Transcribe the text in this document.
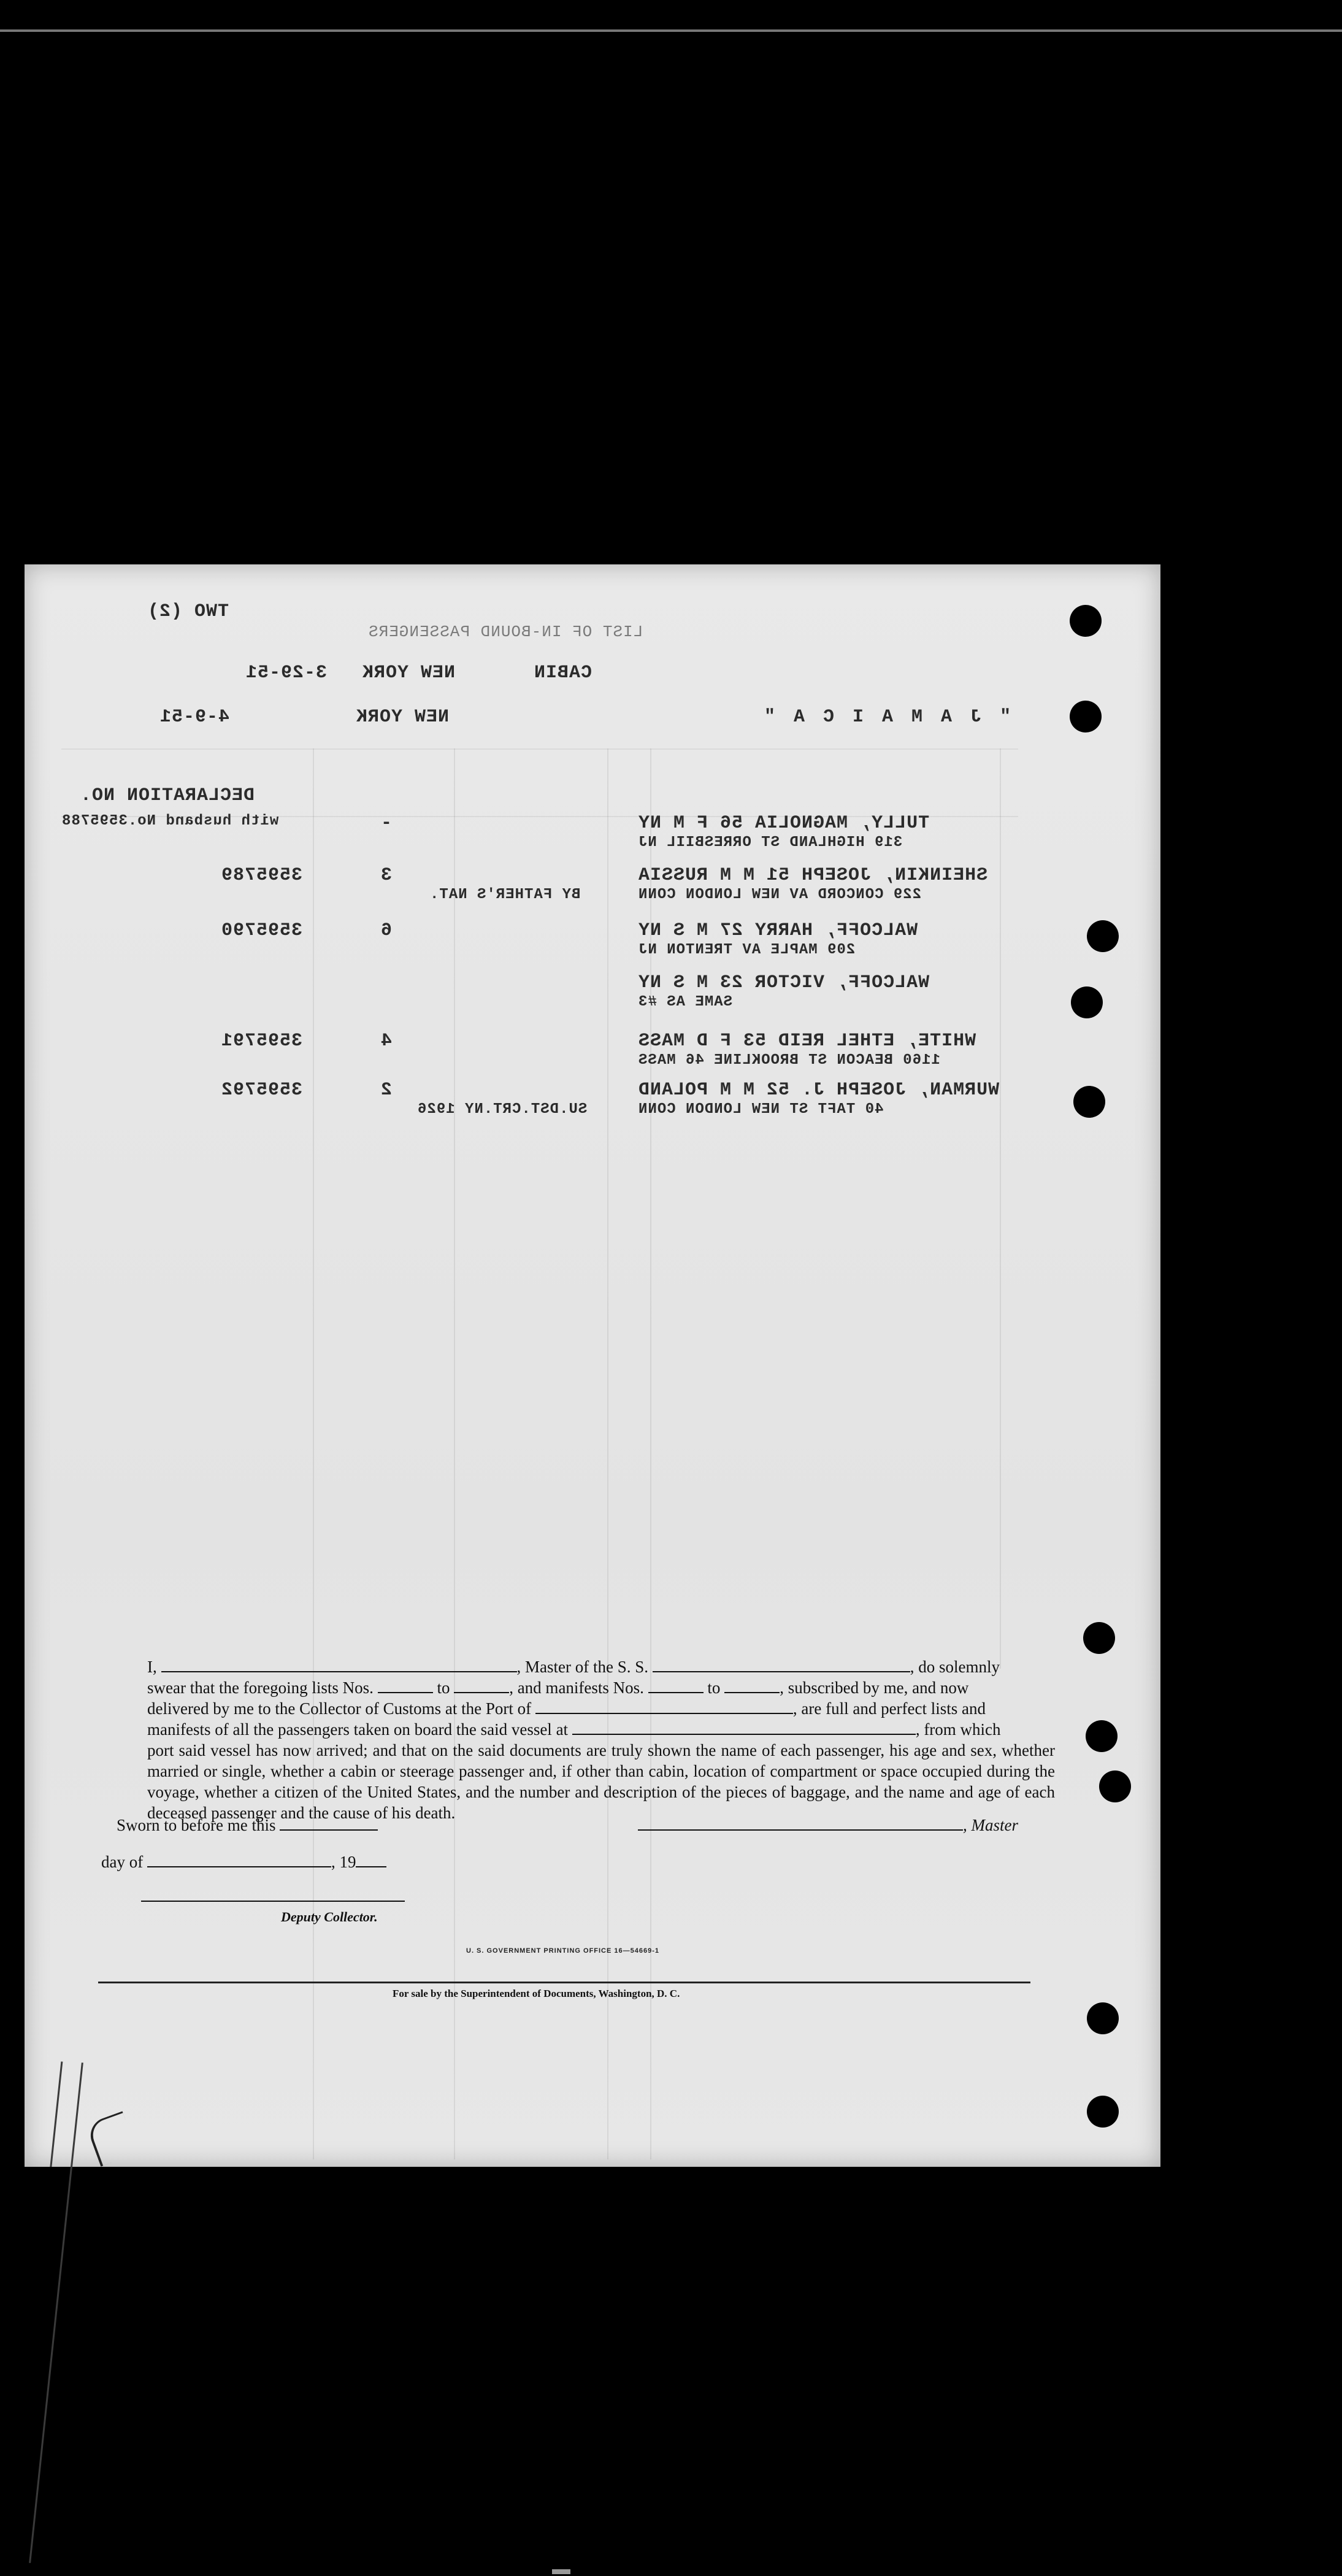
TWO (2)
LIST OF IN-BOUND PASSENGERS
3-29-51 NEW YORK	CABIN
4-9-51	NEW YORK	" J A M A I C A "
DECLARATION NO.
TULLY, MAGNOLIA 56 F M NY
319 HIGHLAND ST ORRESBIIL NJ
with husband No.3595788	-
SHEINKIN, JOSEPH 51 M M RUSSIA
229 CONCORD AV NEW LONDON CONN
BY FATHER'S NAT.
3595789	3
WALCOFF, HARRY 27 M S NY
209 MAPLE AV TRENTON NJ
3595790	6
WALCOFF, VICTOR 23 M S NY
SAME AS #3
WHITE, ETHEL REID 53 F D MASS
1160 BEACON ST BROOKLINE 46 MASS
3595791	4
WURMAN, JOSEPH J. 52 M M POLAND
40 TAFT ST NEW LONDON CONN
SU.DST.CRT.NY 1926
3595792	2

I,	, Master of the S. S.	, do solemnly

swear that the foregoing lists Nos.	to	, and manifests Nos.	to	, subscribed by me, and now

delivered by me to the Collector of Customs at the Port of	, are full and perfect lists and

manifests of all the passengers taken on board the said vessel at	, from which

port said vessel has now arrived; and that on the said documents are truly shown the name of each passenger, his age and sex, whether married or single, whether a cabin or steerage passenger and, if other than cabin, location of compartment or space occupied during the voyage, whether a citizen of the United States, and the number and description of the pieces of baggage, and the name and age of each deceased passenger and the cause of his death.

Sworn to before me this	, Master
day of	, 19
Deputy Collector.
U. S. GOVERNMENT PRINTING OFFICE 16—54669-1
For sale by the Superintendent of Documents, Washington, D. C.
